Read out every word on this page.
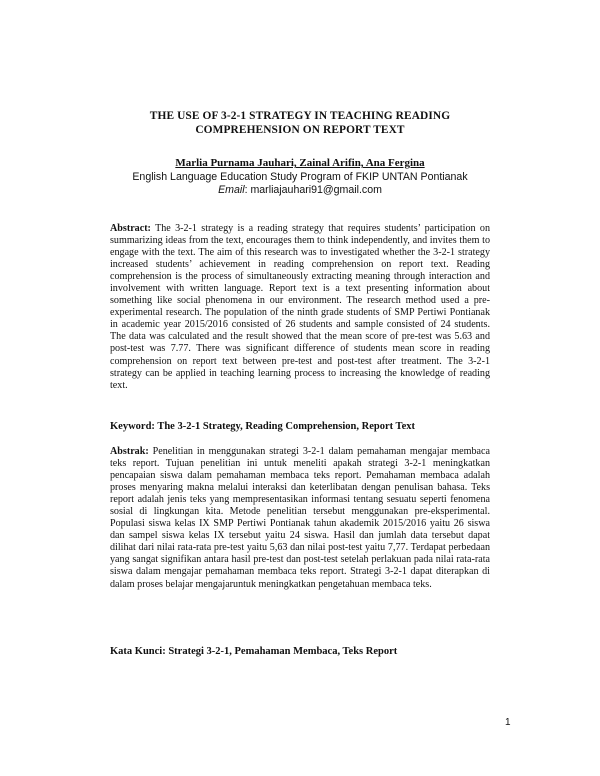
THE USE OF 3-2-1 STRATEGY IN TEACHING READING
COMPREHENSION ON REPORT TEXT
Marlia Purnama Jauhari, Zainal Arifin, Ana Fergina
English Language Education Study Program of FKIP UNTAN Pontianak
Email: marliajauhari91@gmail.com
Abstract: The 3-2-1 strategy is a reading strategy that requires students’ participation on summarizing ideas from the text, encourages them to think independently, and invites them to engage with the text. The aim of this research was to investigated whether the 3-2-1 strategy increased students’ achievement in reading comprehension on report text. Reading comprehension is the process of simultaneously extracting meaning through interaction and involvement with written language. Report text is a text presenting information about something like social phenomena in our environment. The research method used a pre-experimental research. The population of the ninth grade students of SMP Pertiwi Pontianak in academic year 2015/2016 consisted of 26 students and sample consisted of 24 students. The data was calculated and the result showed that the mean score of pre-test was 5.63 and post-test was 7.77. There was significant difference of students mean score in reading comprehension on report text between pre-test and post-test after treatment. The 3-2-1 strategy can be applied in teaching learning process to increasing the knowledge of reading text.
Keyword: The 3-2-1 Strategy, Reading Comprehension, Report Text
Abstrak: Penelitian in menggunakan strategi 3-2-1 dalam pemahaman mengajar membaca teks report. Tujuan penelitian ini untuk meneliti apakah strategi 3-2-1 meningkatkan pencapaian siswa dalam pemahaman membaca teks report. Pemahaman membaca adalah proses menyaring makna melalui interaksi dan keterlibatan dengan penulisan bahasa. Teks report adalah jenis teks yang mempresentasikan informasi tentang sesuatu seperti fenomena sosial di lingkungan kita. Metode penelitian tersebut menggunakan pre-eksperimental. Populasi siswa kelas IX SMP Pertiwi Pontianak tahun akademik 2015/2016 yaitu 26 siswa dan sampel siswa kelas IX tersebut yaitu 24 siswa. Hasil dan jumlah data tersebut dapat dilihat dari nilai rata-rata pre-test yaitu 5,63 dan nilai post-test yaitu 7,77. Terdapat perbedaan yang sangat signifikan antara hasil pre-test dan post-test setelah perlakuan pada nilai rata-rata siswa dalam mengajar pemahaman membaca teks report. Strategi 3-2-1 dapat diterapkan di dalam proses belajar mengajaruntuk meningkatkan pengetahuan membaca teks.
Kata Kunci: Strategi 3-2-1, Pemahaman Membaca, Teks Report
1
